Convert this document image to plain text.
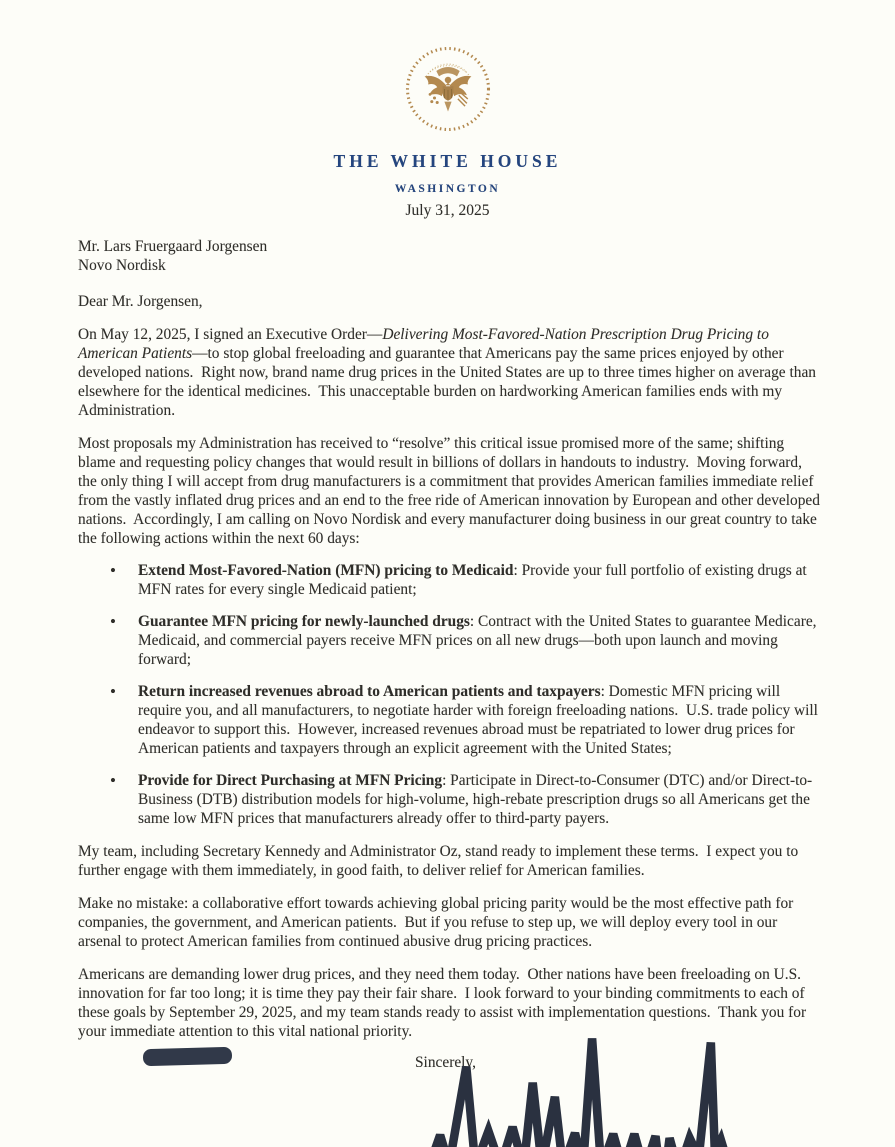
THE WHITE HOUSE
WASHINGTON
July 31, 2025
Mr. Lars Fruergaard Jorgensen
Novo Nordisk

Dear Mr. Jorgensen,

On May 12, 2025, I signed an Executive Order—Delivering Most-Favored-Nation Prescription Drug Pricing to American Patients—to stop global freeloading and guarantee that Americans pay the same prices enjoyed by other developed nations.  Right now, brand name drug prices in the United States are up to three times higher on average than elsewhere for the identical medicines.  This unacceptable burden on hardworking American families ends with my Administration.

Most proposals my Administration has received to “resolve” this critical issue promised more of the same; shifting blame and requesting policy changes that would result in billions of dollars in handouts to industry.  Moving forward, the only thing I will accept from drug manufacturers is a commitment that provides American families immediate relief from the vastly inflated drug prices and an end to the free ride of American innovation by European and other developed nations.  Accordingly, I am calling on Novo Nordisk and every manufacturer doing business in our great country to take the following actions within the next 60 days:

• Extend Most-Favored-Nation (MFN) pricing to Medicaid: Provide your full portfolio of existing drugs at MFN rates for every single Medicaid patient;
• Guarantee MFN pricing for newly-launched drugs: Contract with the United States to guarantee Medicare, Medicaid, and commercial payers receive MFN prices on all new drugs—both upon launch and moving forward;
• Return increased revenues abroad to American patients and taxpayers: Domestic MFN pricing will require you, and all manufacturers, to negotiate harder with foreign freeloading nations.  U.S. trade policy will endeavor to support this.  However, increased revenues abroad must be repatriated to lower drug prices for American patients and taxpayers through an explicit agreement with the United States;
• Provide for Direct Purchasing at MFN Pricing: Participate in Direct-to-Consumer (DTC) and/or Direct-to-Business (DTB) distribution models for high-volume, high-rebate prescription drugs so all Americans get the same low MFN prices that manufacturers already offer to third-party payers.

My team, including Secretary Kennedy and Administrator Oz, stand ready to implement these terms.  I expect you to further engage with them immediately, in good faith, to deliver relief for American families.

Make no mistake: a collaborative effort towards achieving global pricing parity would be the most effective path for companies, the government, and American patients.  But if you refuse to step up, we will deploy every tool in our arsenal to protect American families from continued abusive drug pricing practices.

Americans are demanding lower drug prices, and they need them today.  Other nations have been freeloading on U.S. innovation for far too long; it is time they pay their fair share.  I look forward to your binding commitments to each of these goals by September 29, 2025, and my team stands ready to assist with implementation questions.  Thank you for your immediate attention to this vital national priority.

Sincerely,
